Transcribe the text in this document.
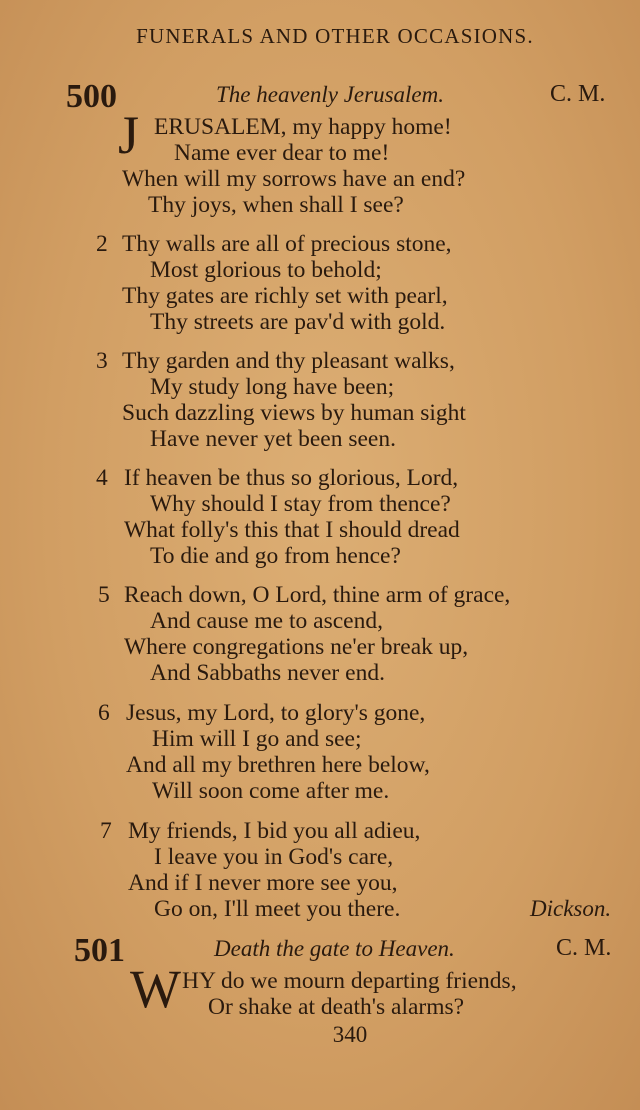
FUNERALS AND OTHER OCCASIONS.
500	The heavenly Jerusalem.	C. M.
J ERUSALEM, my happy home!
Name ever dear to me!
When will my sorrows have an end?
Thy joys, when shall I see?
2 Thy walls are all of precious stone,
Most glorious to behold;
Thy gates are richly set with pearl,
Thy streets are pav'd with gold.
3 Thy garden and thy pleasant walks,
My study long have been;
Such dazzling views by human sight
Have never yet been seen.
4 If heaven be thus so glorious, Lord,
Why should I stay from thence?
What folly's this that I should dread
To die and go from hence?
5 Reach down, O Lord, thine arm of grace,
And cause me to ascend,
Where congregations ne'er break up,
And Sabbaths never end.
6 Jesus, my Lord, to glory's gone,
Him will I go and see;
And all my brethren here below,
Will soon come after me.
7 My friends, I bid you all adieu,
I leave you in God's care,
And if I never more see you,
Go on, I'll meet you there.	Dickson.
501	Death the gate to Heaven.	C. M.
W HY do we mourn departing friends,
Or shake at death's alarms?
340
